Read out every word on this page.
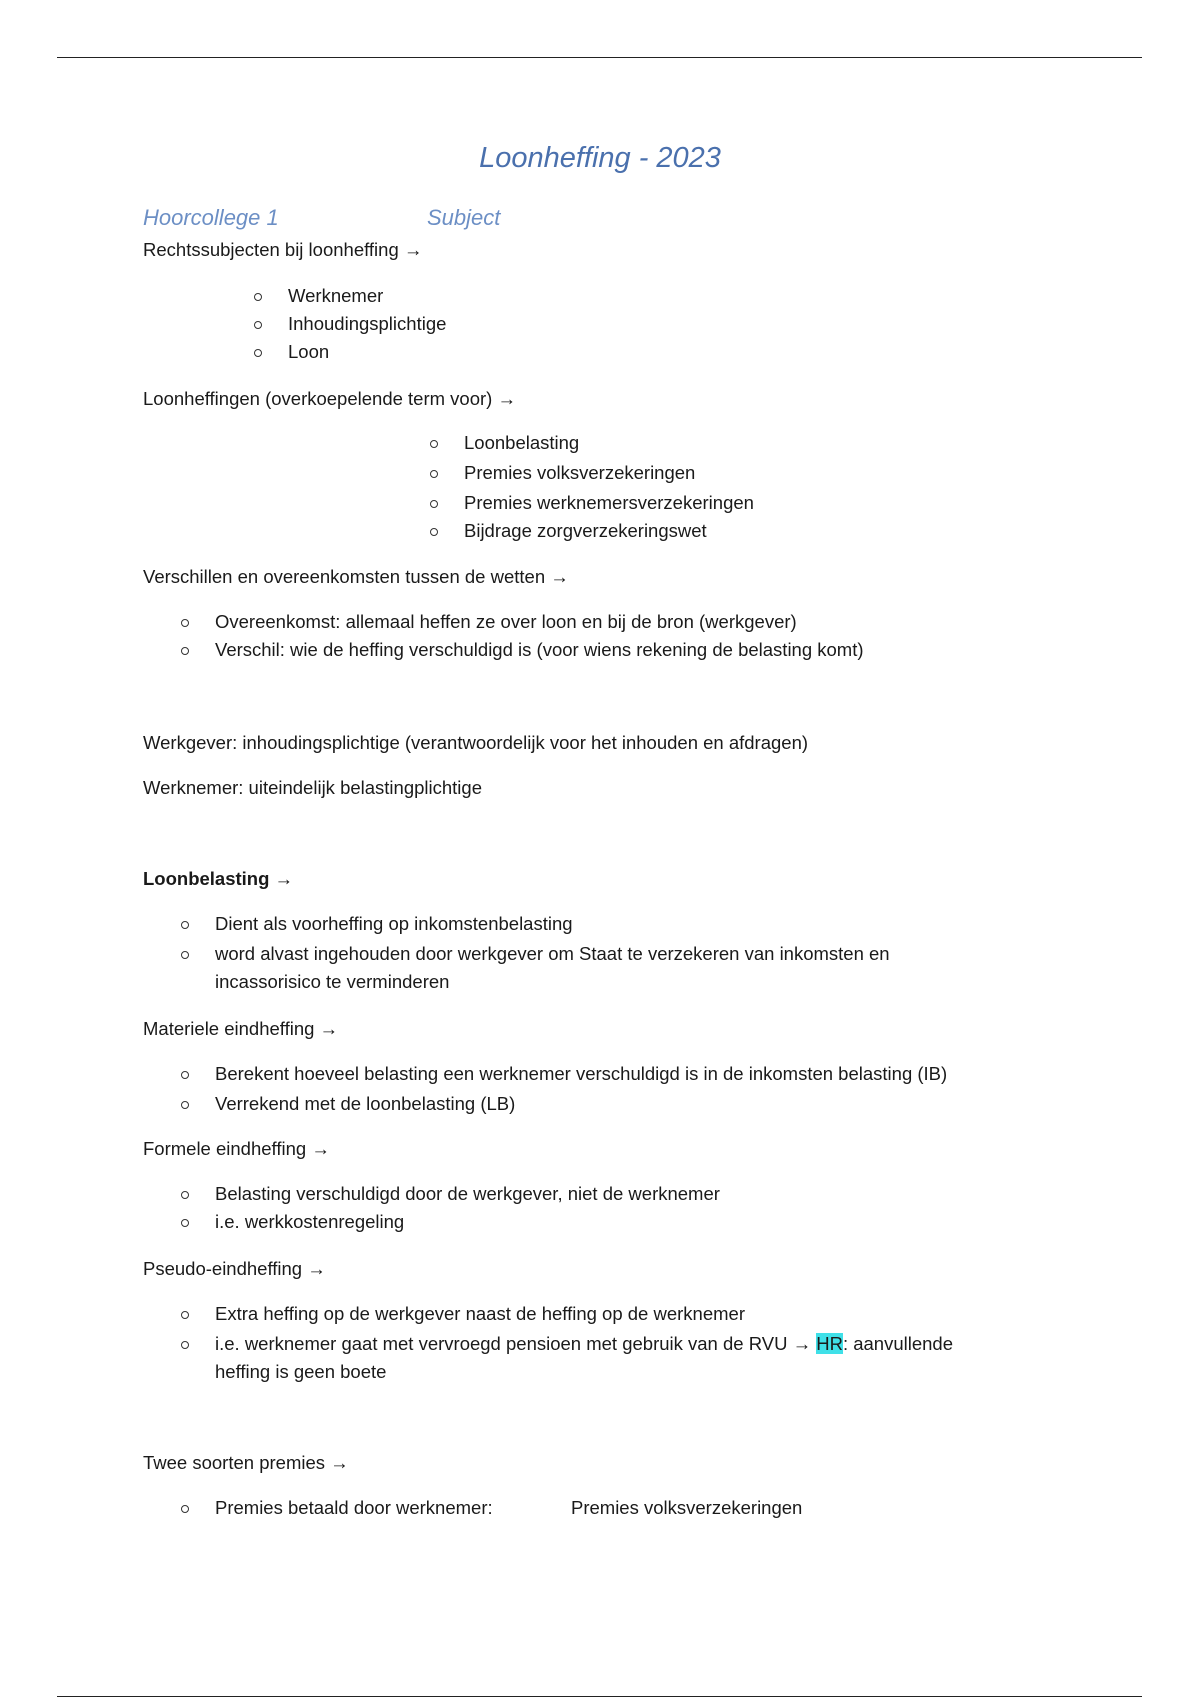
Loonheffing - 2023
Hoorcollege 1	Subject
Rechtssubjecten bij loonheffing →
Werknemer
Inhoudingsplichtige
Loon
Loonheffingen (overkoepelende term voor) →
Loonbelasting
Premies volksverzekeringen
Premies werknemersverzekeringen
Bijdrage zorgverzekeringswet
Verschillen en overeenkomsten tussen de wetten →
Overeenkomst: allemaal heffen ze over loon en bij de bron (werkgever)
Verschil: wie de heffing verschuldigd is (voor wiens rekening de belasting komt)
Werkgever: inhoudingsplichtige (verantwoordelijk voor het inhouden en afdragen)
Werknemer: uiteindelijk belastingplichtige
Loonbelasting →
Dient als voorheffing op inkomstenbelasting
word alvast ingehouden door werkgever om Staat te verzekeren van inkomsten en
incassorisico te verminderen
Materiele eindheffing →
Berekent hoeveel belasting een werknemer verschuldigd is in de inkomsten belasting (IB)
Verrekend met de loonbelasting (LB)
Formele eindheffing →
Belasting verschuldigd door de werkgever, niet de werknemer
i.e. werkkostenregeling
Pseudo-eindheffing →
Extra heffing op de werkgever naast de heffing op de werknemer
i.e. werknemer gaat met vervroegd pensioen met gebruik van de RVU → HR: aanvullende
heffing is geen boete
Twee soorten premies →
Premies betaald door werknemer:	Premies volksverzekeringen
